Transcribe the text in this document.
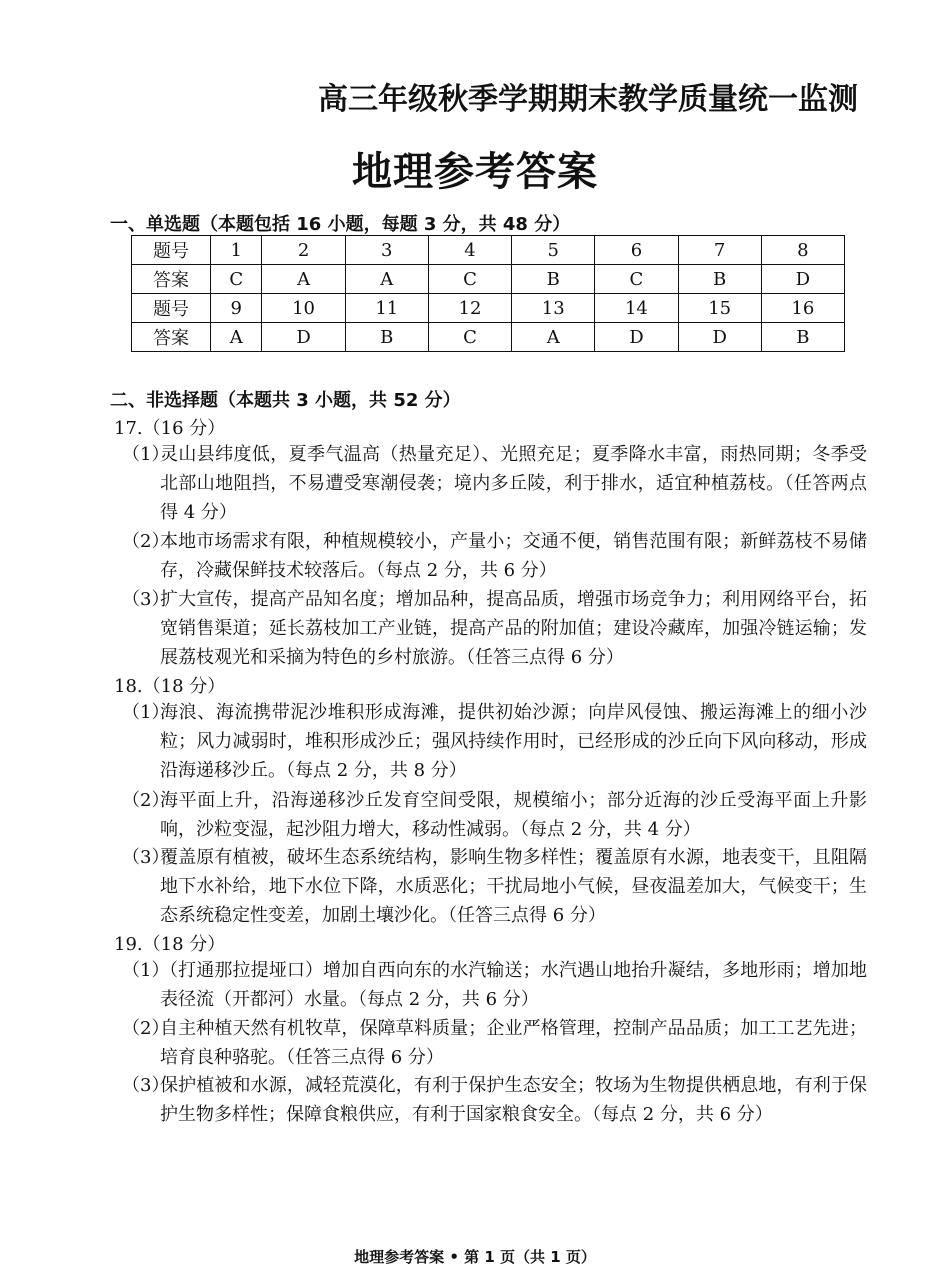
高三年级秋季学期期末教学质量统一监测
地理参考答案
一、单选题（本题包括 16 小题，每题 3 分，共 48 分）
题号	1	2	3	4	5	6	7	8
答案	C	A	A	C	B	C	B	D
题号	9	10	11	12	13	14	15	16
答案	A	D	B	C	A	D	D	B
二、非选择题（本题共 3 小题，共 52 分）
17.（16 分）
（1）
灵山县纬度低，夏季气温高（热量充足）、光照充足；夏季降水丰富，雨热同期；冬季受北部山地阻挡，不易遭受寒潮侵袭；境内多丘陵，利于排水，适宜种植荔枝。（任答两点得 4 分）
（2）
本地市场需求有限，种植规模较小，产量小；交通不便，销售范围有限；新鲜荔枝不易储存，冷藏保鲜技术较落后。（每点 2 分，共 6 分）
（3）
扩大宣传，提高产品知名度；增加品种，提高品质，增强市场竞争力；利用网络平台，拓宽销售渠道；延长荔枝加工产业链，提高产品的附加值；建设冷藏库，加强冷链运输；发展荔枝观光和采摘为特色的乡村旅游。（任答三点得 6 分）
18.（18 分）
（1）
海浪、海流携带泥沙堆积形成海滩，提供初始沙源；向岸风侵蚀、搬运海滩上的细小沙粒；风力减弱时，堆积形成沙丘；强风持续作用时，已经形成的沙丘向下风向移动，形成沿海递移沙丘。（每点 2 分，共 8 分）
（2）
海平面上升，沿海递移沙丘发育空间受限，规模缩小；部分近海的沙丘受海平面上升影响，沙粒变湿，起沙阻力增大，移动性减弱。（每点 2 分，共 4 分）
（3）
覆盖原有植被，破坏生态系统结构，影响生物多样性；覆盖原有水源，地表变干，且阻隔地下水补给，地下水位下降，水质恶化；干扰局地小气候，昼夜温差加大，气候变干；生态系统稳定性变差，加剧土壤沙化。（任答三点得 6 分）
19.（18 分）
（1）
（打通那拉提垭口）增加自西向东的水汽输送；水汽遇山地抬升凝结，多地形雨；增加地表径流（开都河）水量。（每点 2 分，共 6 分）
（2）
自主种植天然有机牧草，保障草料质量；企业严格管理，控制产品品质；加工工艺先进；培育良种骆驼。（任答三点得 6 分）
（3）
保护植被和水源，减轻荒漠化，有利于保护生态安全；牧场为生物提供栖息地，有利于保护生物多样性；保障食粮供应，有利于国家粮食安全。（每点 2 分，共 6 分）
地理参考答案 • 第 1 页（共 1 页）
